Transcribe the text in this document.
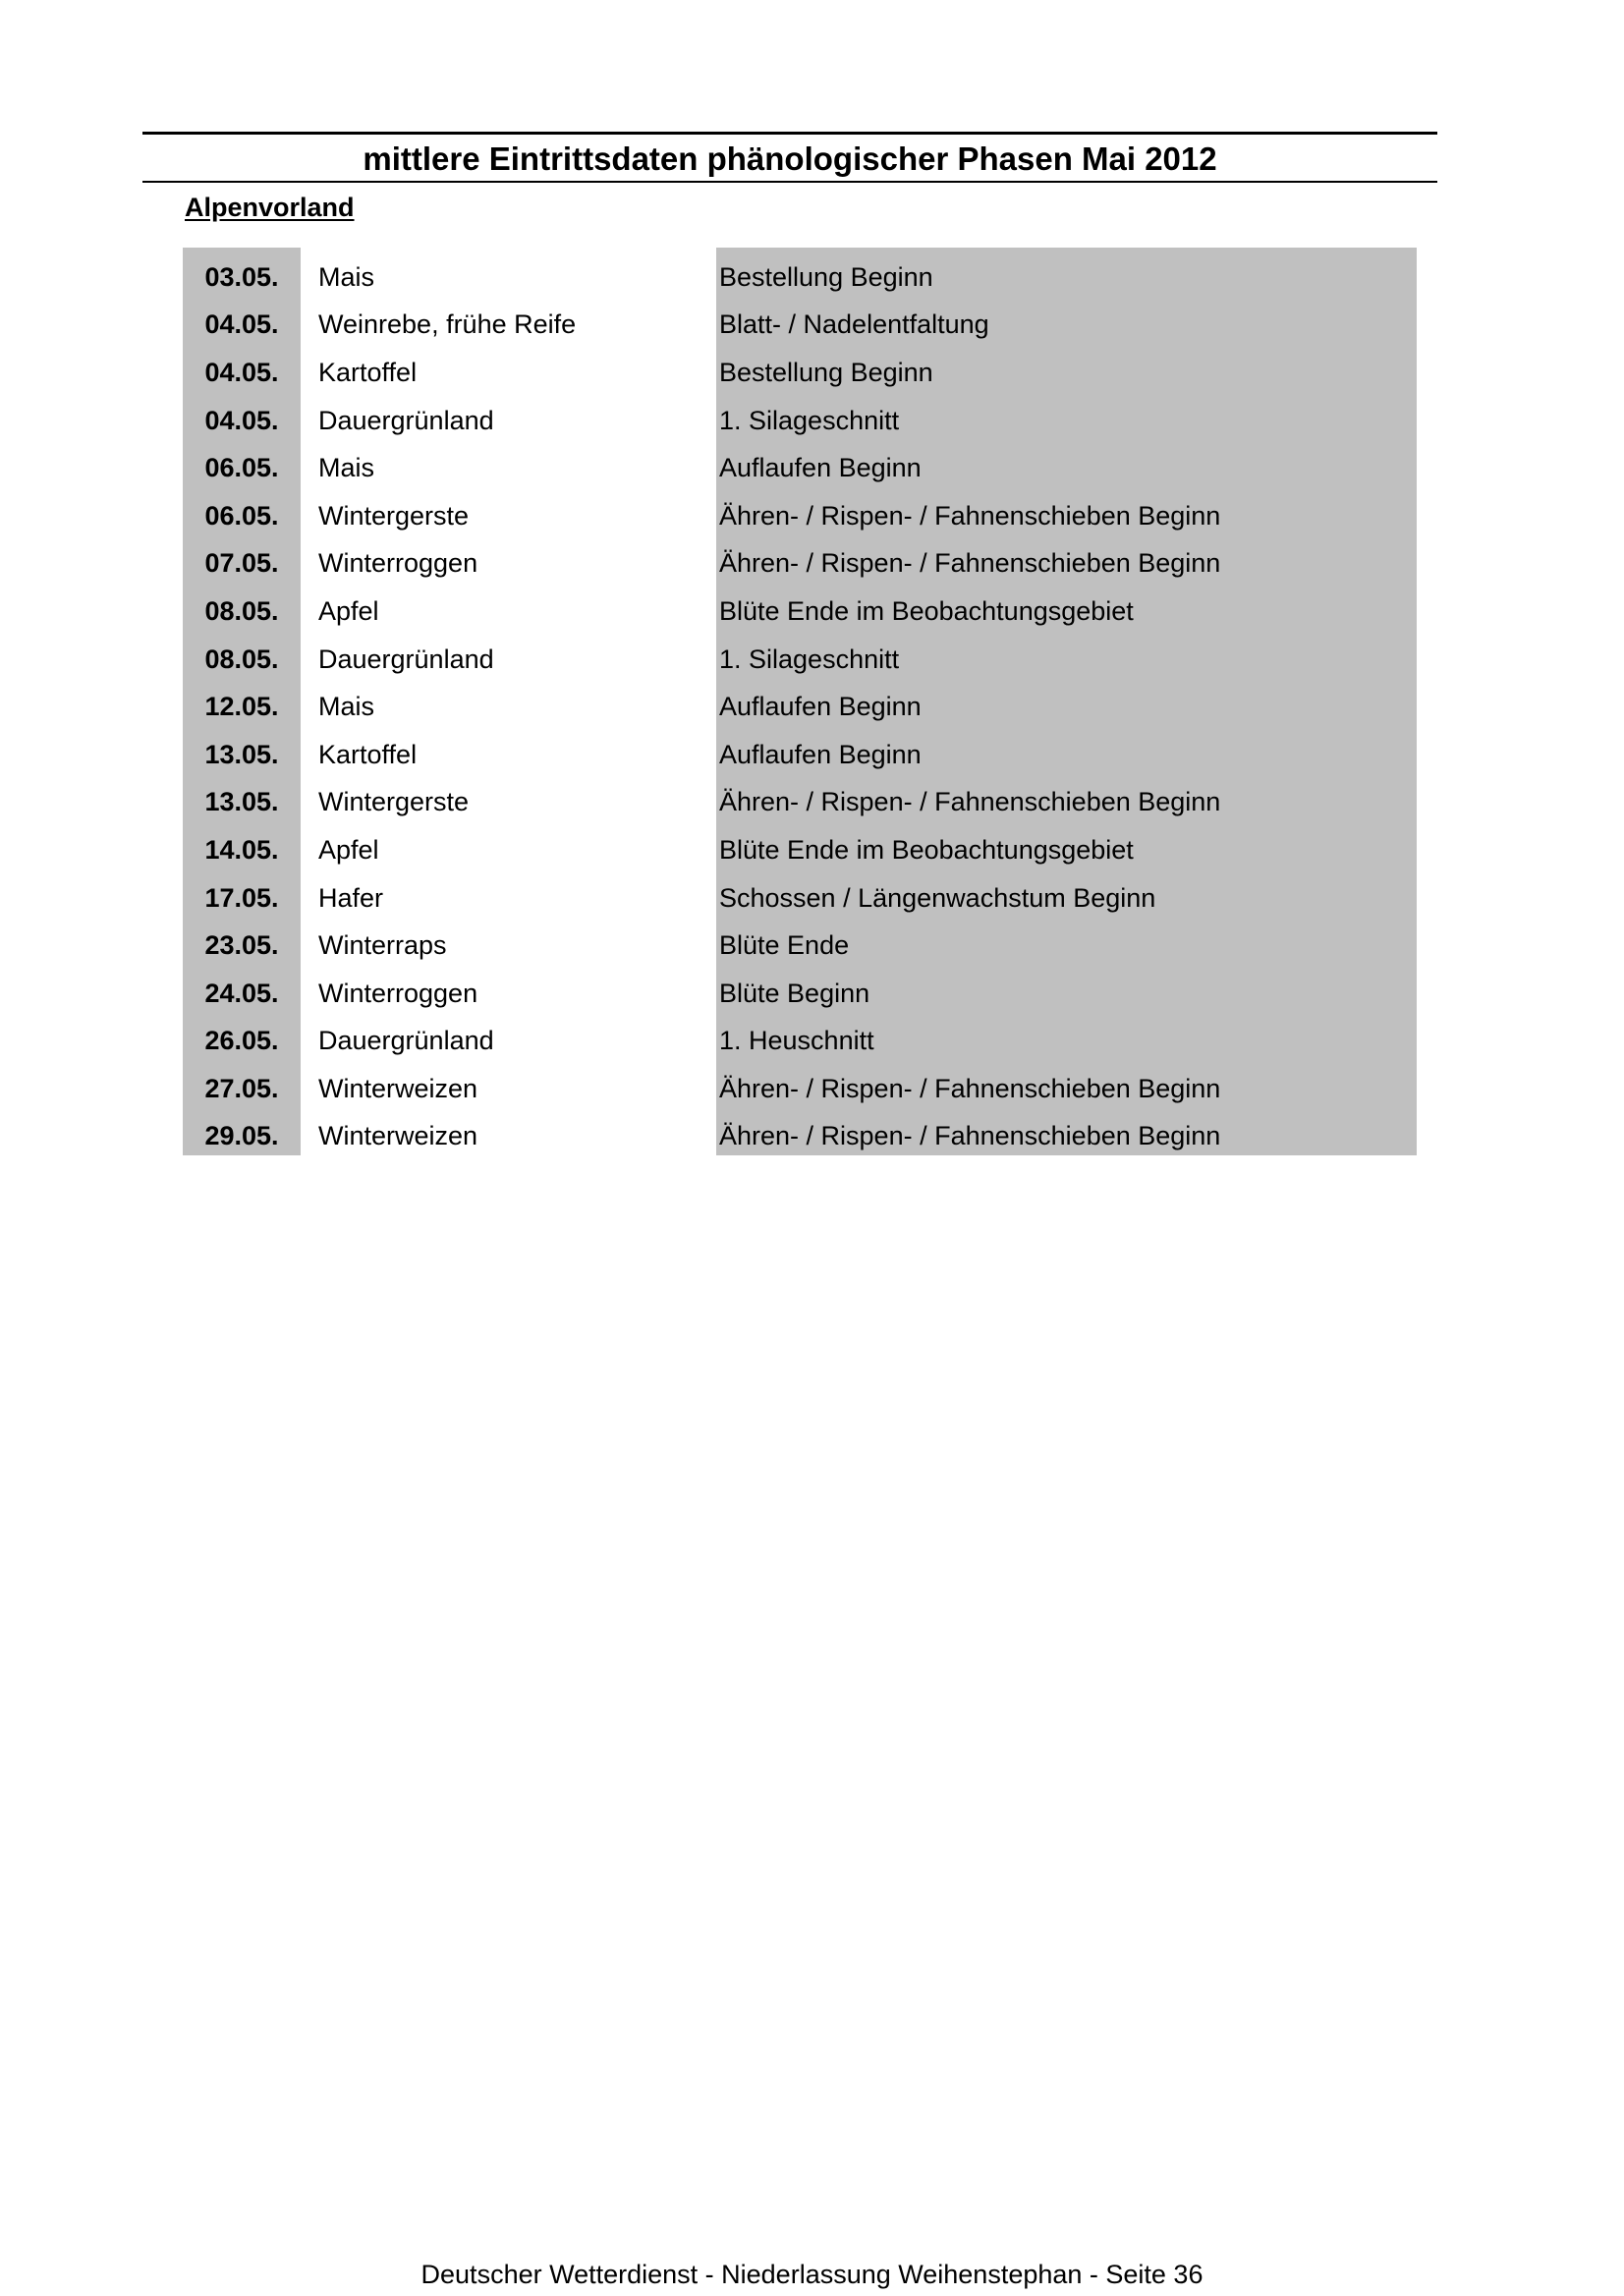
mittlere Eintrittsdaten phänologischer Phasen Mai 2012
Alpenvorland
03.05.	Mais	Bestellung Beginn
04.05.	Weinrebe, frühe Reife	Blatt- / Nadelentfaltung
04.05.	Kartoffel	Bestellung Beginn
04.05.	Dauergrünland	1. Silageschnitt
06.05.	Mais	Auflaufen Beginn
06.05.	Wintergerste	Ähren- / Rispen- / Fahnenschieben Beginn
07.05.	Winterroggen	Ähren- / Rispen- / Fahnenschieben Beginn
08.05.	Apfel	Blüte Ende im Beobachtungsgebiet
08.05.	Dauergrünland	1. Silageschnitt
12.05.	Mais	Auflaufen Beginn
13.05.	Kartoffel	Auflaufen Beginn
13.05.	Wintergerste	Ähren- / Rispen- / Fahnenschieben Beginn
14.05.	Apfel	Blüte Ende im Beobachtungsgebiet
17.05.	Hafer	Schossen / Längenwachstum Beginn
23.05.	Winterraps	Blüte Ende
24.05.	Winterroggen	Blüte Beginn
26.05.	Dauergrünland	1. Heuschnitt
27.05.	Winterweizen	Ähren- / Rispen- / Fahnenschieben Beginn
29.05.	Winterweizen	Ähren- / Rispen- / Fahnenschieben Beginn
Deutscher Wetterdienst - Niederlassung Weihenstephan - Seite 36
